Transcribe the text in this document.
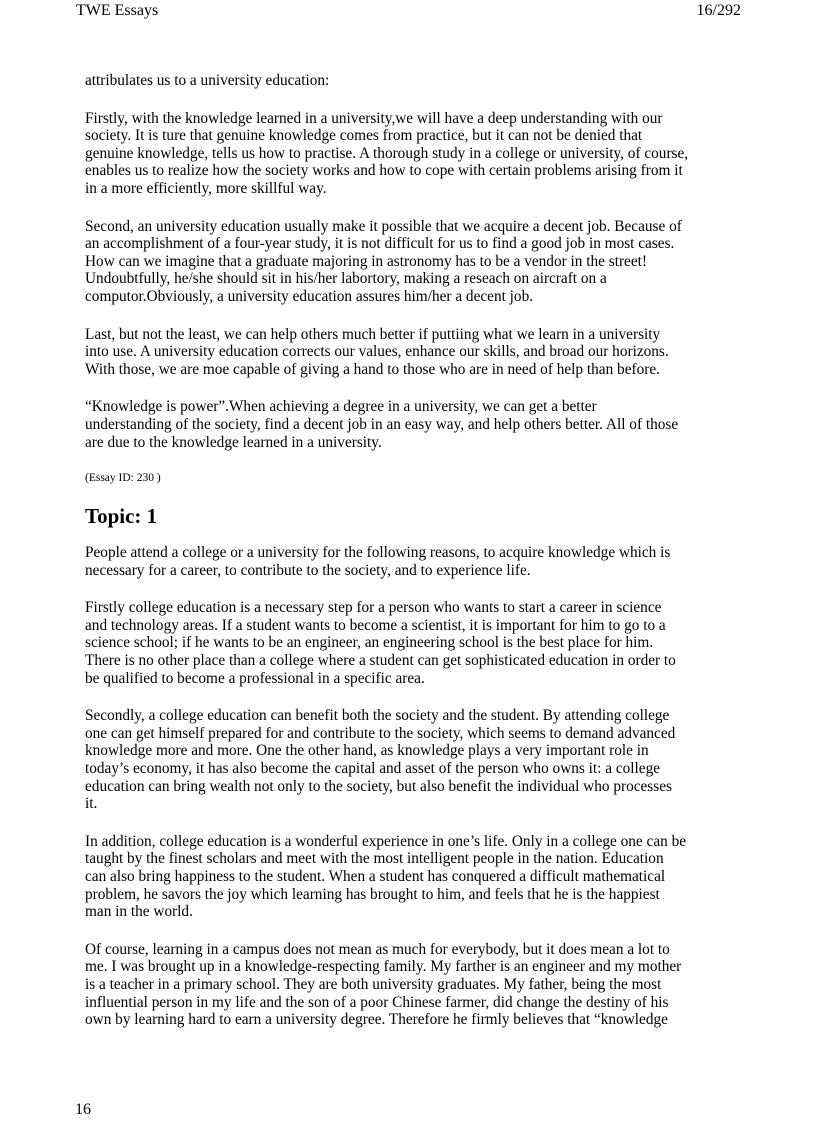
TWE Essays	16/292

attribulates us to a university education:

Firstly, with the knowledge learned in a university,we will have a deep understanding with our
society. It is ture that genuine knowledge comes from practice, but it can not be denied that
genuine knowledge, tells us how to practise. A thorough study in a college or university, of course,
enables us to realize how the society works and how to cope with certain problems arising from it
in a more efficiently, more skillful way.

Second, an university education usually make it possible that we acquire a decent job. Because of
an accomplishment of a four-year study, it is not difficult for us to find a good job in most cases.
How can we imagine that a graduate majoring in astronomy has to be a vendor in the street!
Undoubtfully, he/she should sit in his/her labortory, making a reseach on aircraft on a
computor.Obviously, a university education assures him/her a decent job.

Last, but not the least, we can help others much better if puttiing what we learn in a university
into use. A university education corrects our values, enhance our skills, and broad our horizons.
With those, we are moe capable of giving a hand to those who are in need of help than before.

“Knowledge is power”.When achieving a degree in a university, we can get a better
understanding of the society, find a decent job in an easy way, and help others better. All of those
are due to the knowledge learned in a university.

(Essay ID: 230 )

Topic: 1

People attend a college or a university for the following reasons, to acquire knowledge which is
necessary for a career, to contribute to the society, and to experience life.

Firstly college education is a necessary step for a person who wants to start a career in science
and technology areas. If a student wants to become a scientist, it is important for him to go to a
science school; if he wants to be an engineer, an engineering school is the best place for him.
There is no other place than a college where a student can get sophisticated education in order to
be qualified to become a professional in a specific area.

Secondly, a college education can benefit both the society and the student. By attending college
one can get himself prepared for and contribute to the society, which seems to demand advanced
knowledge more and more. One the other hand, as knowledge plays a very important role in
today’s economy, it has also become the capital and asset of the person who owns it: a college
education can bring wealth not only to the society, but also benefit the individual who processes
it.

In addition, college education is a wonderful experience in one’s life. Only in a college one can be
taught by the finest scholars and meet with the most intelligent people in the nation. Education
can also bring happiness to the student. When a student has conquered a difficult mathematical
problem, he savors the joy which learning has brought to him, and feels that he is the happiest
man in the world.

Of course, learning in a campus does not mean as much for everybody, but it does mean a lot to
me. I was brought up in a knowledge-respecting family. My farther is an engineer and my mother
is a teacher in a primary school. They are both university graduates. My father, being the most
influential person in my life and the son of a poor Chinese farmer, did change the destiny of his
own by learning hard to earn a university degree. Therefore he firmly believes that “knowledge

16
